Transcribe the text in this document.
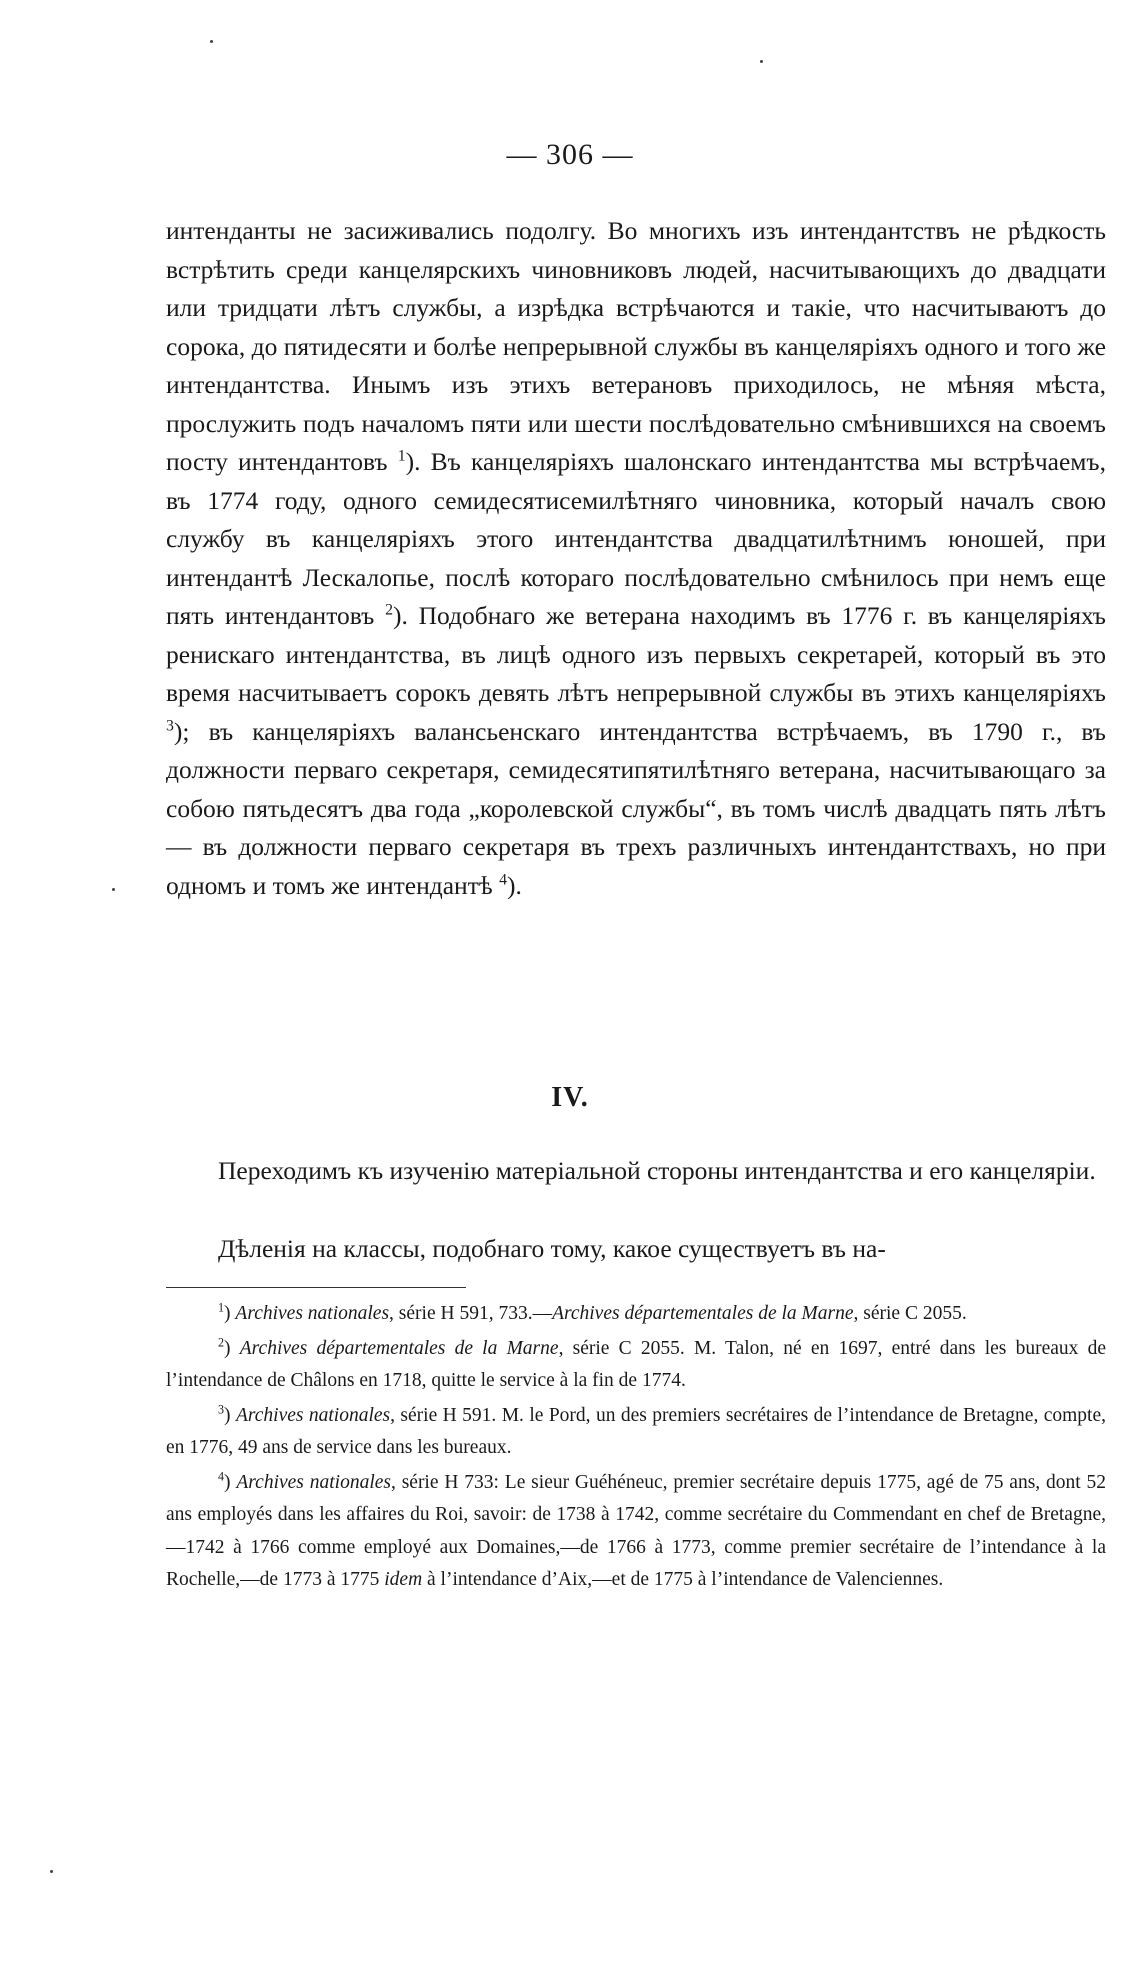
— 306 —

интенданты не засиживались подолгу. Во многихъ изъ интендантствъ не рѣдкость встрѣтить среди канцелярскихъ чиновниковъ людей, насчитывающихъ до двадцати или тридцати лѣтъ службы, а изрѣдка встрѣчаются и такіе, что насчитываютъ до сорока, до пятидесяти и болѣе непрерывной службы въ канцеляріяхъ одного и того же интендантства. Инымъ изъ этихъ ветерановъ приходилось, не мѣняя мѣста, прослужить подъ началомъ пяти или шести послѣдовательно смѣнившихся на своемъ посту интендантовъ $^1$). Въ канцеляріяхъ шалонскаго интендантства мы встрѣчаемъ, въ 1774 году, одного семидесятисемилѣтняго чиновника, который началъ свою службу въ канцеляріяхъ этого интендантства двадцатилѣтнимъ юношей, при интендантѣ Лескалопье, послѣ котораго послѣдовательно смѣнилось при немъ еще пять интендантовъ $^2$). Подобнаго же ветерана находимъ въ 1776 г. въ канцеляріяхъ ренискаго интендантства, въ лицѣ одного изъ первыхъ секретарей, который въ это время насчитываетъ сорокъ девять лѣтъ непрерывной службы въ этихъ канцеляріяхъ $^3$); въ канцеляріяхъ валансьенскаго интендантства встрѣчаемъ, въ 1790 г., въ должности перваго секретаря, семидесятипятилѣтняго ветерана, насчитывающаго за собою пятьдесятъ два года „королевской службы“, въ томъ числѣ двадцать пять лѣтъ — въ должности перваго секретаря въ трехъ различныхъ интендантствахъ, но при одномъ и томъ же интендантѣ $^4$).

IV.

Переходимъ къ изученію матеріальной стороны интендантства и его канцеляріи.

Дѣленія на классы, подобнаго тому, какое существуетъ въ на-

$^1$) Archives nationales, série H 591, 733.—Archives départementales de la Marne, série C 2055.

$^2$) Archives départementales de la Marne, série C 2055. M. Talon, né en 1697, entré dans les bureaux de l’intendance de Châlons en 1718, quitte le service à la fin de 1774.

$^3$) Archives nationales, série H 591. M. le Pord, un des premiers secrétaires de l’intendance de Bretagne, compte, en 1776, 49 ans de service dans les bureaux.

$^4$) Archives nationales, série H 733: Le sieur Guéhéneuc, premier secrétaire depuis 1775, agé de 75 ans, dont 52 ans employés dans les affaires du Roi, savoir: de 1738 à 1742, comme secrétaire du Commendant en chef de Bretagne,—1742 à 1766 comme employé aux Domaines,—de 1766 à 1773, comme premier secrétaire de l’intendance à la Rochelle,—de 1773 à 1775 idem à l’intendance d’Aix,—et de 1775 à l’intendance de Valenciennes.
